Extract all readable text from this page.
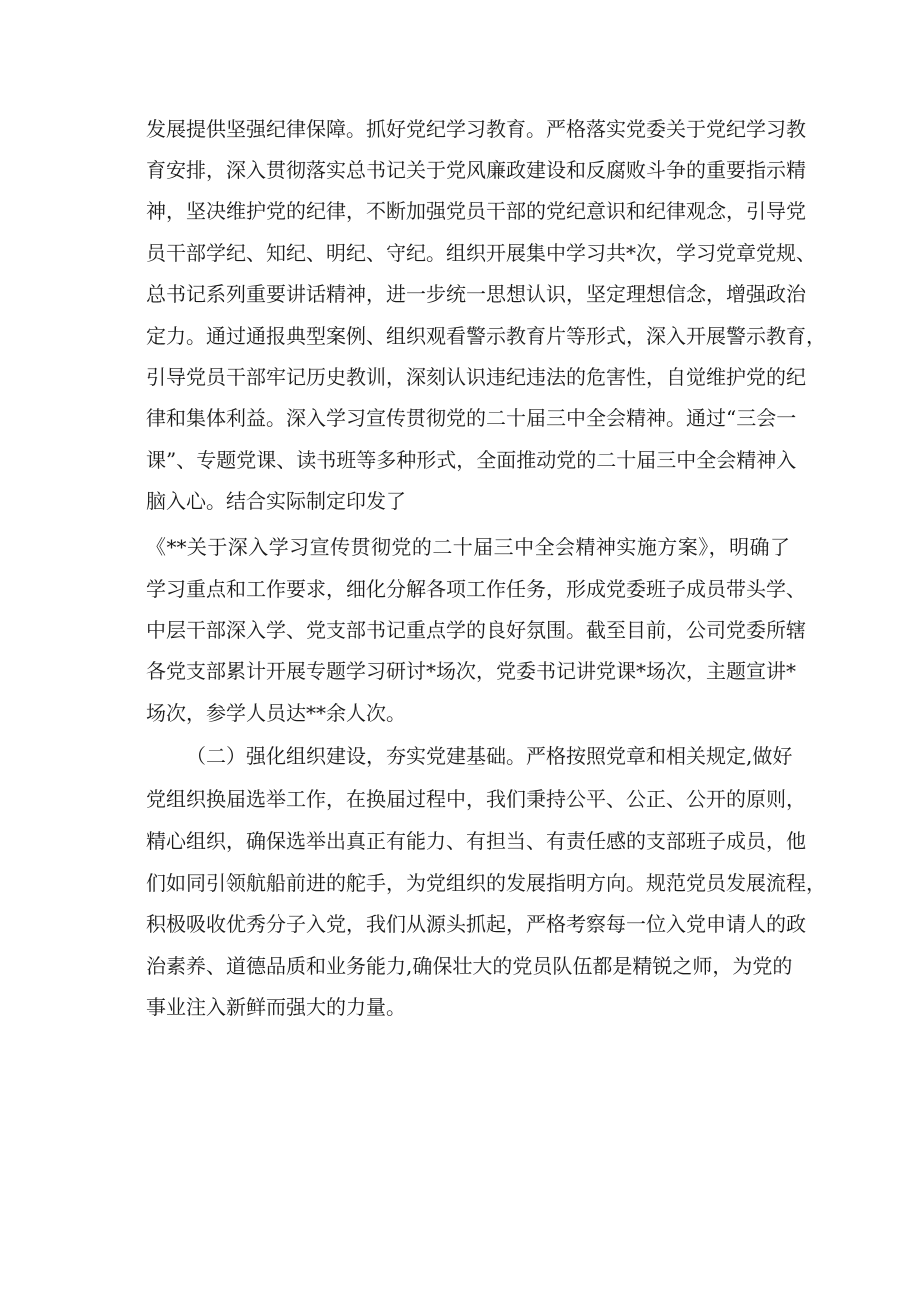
发展提供坚强纪律保障。抓好党纪学习教育。严格落实党委关于党纪学习教
育安排，深入贯彻落实总书记关于党风廉政建设和反腐败斗争的重要指示精
神，坚决维护党的纪律，不断加强党员干部的党纪意识和纪律观念，引导党
员干部学纪、知纪、明纪、守纪。组织开展集中学习共*次，学习党章党规、
总书记系列重要讲话精神，进一步统一思想认识，坚定理想信念，增强政治
定力。通过通报典型案例、组织观看警示教育片等形式，深入开展警示教育，
引导党员干部牢记历史教训，深刻认识违纪违法的危害性，自觉维护党的纪
律和集体利益。深入学习宣传贯彻党的二十届三中全会精神。通过“三会一
课”、专题党课、读书班等多种形式，全面推动党的二十届三中全会精神入
脑入心。结合实际制定印发了
《**关于深入学习宣传贯彻党的二十届三中全会精神实施方案》，明确了
学习重点和工作要求，细化分解各项工作任务，形成党委班子成员带头学、
中层干部深入学、党支部书记重点学的良好氛围。截至目前，公司党委所辖
各党支部累计开展专题学习研讨*场次，党委书记讲党课*场次，主题宣讲*
场次，参学人员达**余人次。
（二）强化组织建设，夯实党建基础。严格按照党章和相关规定,做好
党组织换届选举工作，在换届过程中，我们秉持公平、公正、公开的原则，
精心组织，确保选举出真正有能力、有担当、有责任感的支部班子成员，他
们如同引领航船前进的舵手，为党组织的发展指明方向。规范党员发展流程，
积极吸收优秀分子入党，我们从源头抓起，严格考察每一位入党申请人的政
治素养、道德品质和业务能力,确保壮大的党员队伍都是精锐之师，为党的
事业注入新鲜而强大的力量。
